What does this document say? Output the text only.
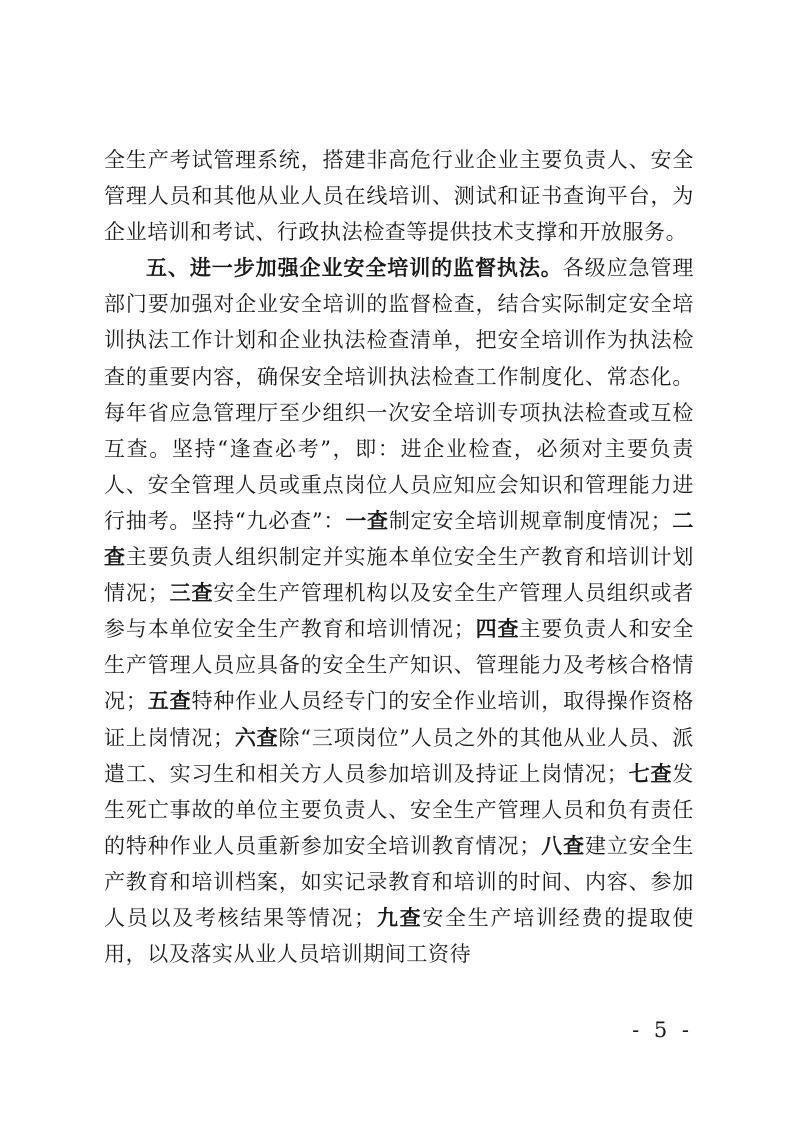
全生产考试管理系统，搭建非高危行业企业主要负责人、安全管理人员和其他从业人员在线培训、测试和证书查询平台，为企业培训和考试、行政执法检查等提供技术支撑和开放服务。

五、进一步加强企业安全培训的监督执法。各级应急管理部门要加强对企业安全培训的监督检查，结合实际制定安全培训执法工作计划和企业执法检查清单，把安全培训作为执法检查的重要内容，确保安全培训执法检查工作制度化、常态化。每年省应急管理厅至少组织一次安全培训专项执法检查或互检互查。坚持“逢查必考”，即：进企业检查，必须对主要负责人、安全管理人员或重点岗位人员应知应会知识和管理能力进行抽考。坚持“九必查”：一查制定安全培训规章制度情况；二查主要负责人组织制定并实施本单位安全生产教育和培训计划情况；三查安全生产管理机构以及安全生产管理人员组织或者参与本单位安全生产教育和培训情况；四查主要负责人和安全生产管理人员应具备的安全生产知识、管理能力及考核合格情况；五查特种作业人员经专门的安全作业培训，取得操作资格证上岗情况；六查除“三项岗位”人员之外的其他从业人员、派遣工、实习生和相关方人员参加培训及持证上岗情况；七查发生死亡事故的单位主要负责人、安全生产管理人员和负有责任的特种作业人员重新参加安全培训教育情况；八查建立安全生产教育和培训档案，如实记录教育和培训的时间、内容、参加人员以及考核结果等情况；九查安全生产培训经费的提取使用，以及落实从业人员培训期间工资待

- 5 -
